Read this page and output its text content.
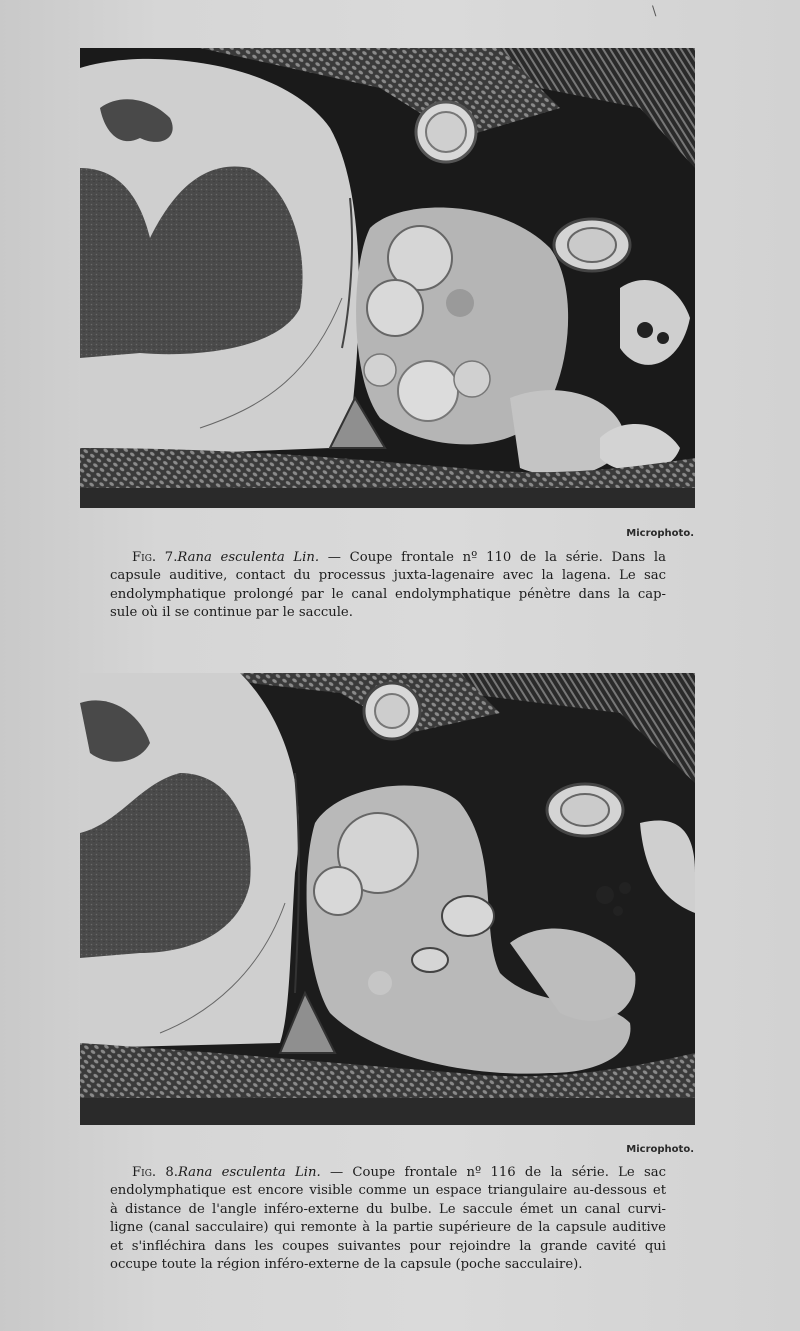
\
Microphoto.
Fig. 7.Rana esculenta Lin. — Coupe frontale nº 110 de la série. Dans la
capsule auditive, contact du processus juxta-lagenaire avec la lagena. Le sac
endolymphatique prolongé par le canal endolymphatique pénètre dans la cap-
sule où il se continue par le saccule.
Microphoto.
Fig. 8.Rana esculenta Lin. — Coupe frontale nº 116 de la série. Le sac
endolymphatique est encore visible comme un espace triangulaire au-dessous et
à distance de l'angle inféro-externe du bulbe. Le saccule émet un canal curvi-
ligne (canal sacculaire) qui remonte à la partie supérieure de la capsule auditive
et s'infléchira dans les coupes suivantes pour rejoindre la grande cavité qui
occupe toute la région inféro-externe de la capsule (poche sacculaire).
